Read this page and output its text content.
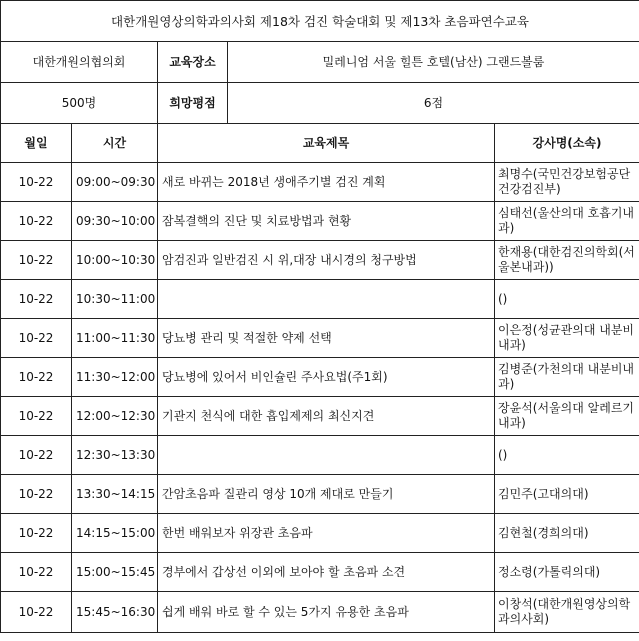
대한개원영상의학과의사회 제18차 검진 학술대회 및 제13차 초음파연수교육				
대한개원의협의회		교육장소	밀레니엄 서울 힐튼 호텔(남산) 그랜드볼룸	
500명		희망평점	6점	
월일	시간	교육제목		강사명(소속)
10-22	09:00~09:30	새로 바뀌는 2018년 생애주기별 검진 계획		최명수(국민건강보험공단 건강검진부)
10-22	09:30~10:00	잠복결핵의 진단 및 치료방법과 현황		심태선(울산의대 호흡기내과)
10-22	10:00~10:30	암검진과 일반검진 시 위,대장 내시경의 청구방법		한재용(대한검진의학회(서울본내과))
10-22	10:30~11:00			()
10-22	11:00~11:30	당뇨병 관리 및 적절한 약제 선택		이은정(성균관의대 내분비내과)
10-22	11:30~12:00	당뇨병에 있어서 비인슐린 주사요법(주1회)		김병준(가천의대 내분비내과)
10-22	12:00~12:30	기관지 천식에 대한 흡입제제의 최신지견		장윤석(서울의대 알레르기내과)
10-22	12:30~13:30			()
10-22	13:30~14:15	간암초음파 질관리 영상 10개 제대로 만들기		김민주(고대의대)
10-22	14:15~15:00	한번 배워보자 위장관 초음파		김현철(경희의대)
10-22	15:00~15:45	경부에서 갑상선 이외에 보아야 할 초음파 소견		정소령(가톨릭의대)
10-22	15:45~16:30	쉽게 배워 바로 할 수 있는 5가지 유용한 초음파		이창석(대한개원영상의학과의사회)
